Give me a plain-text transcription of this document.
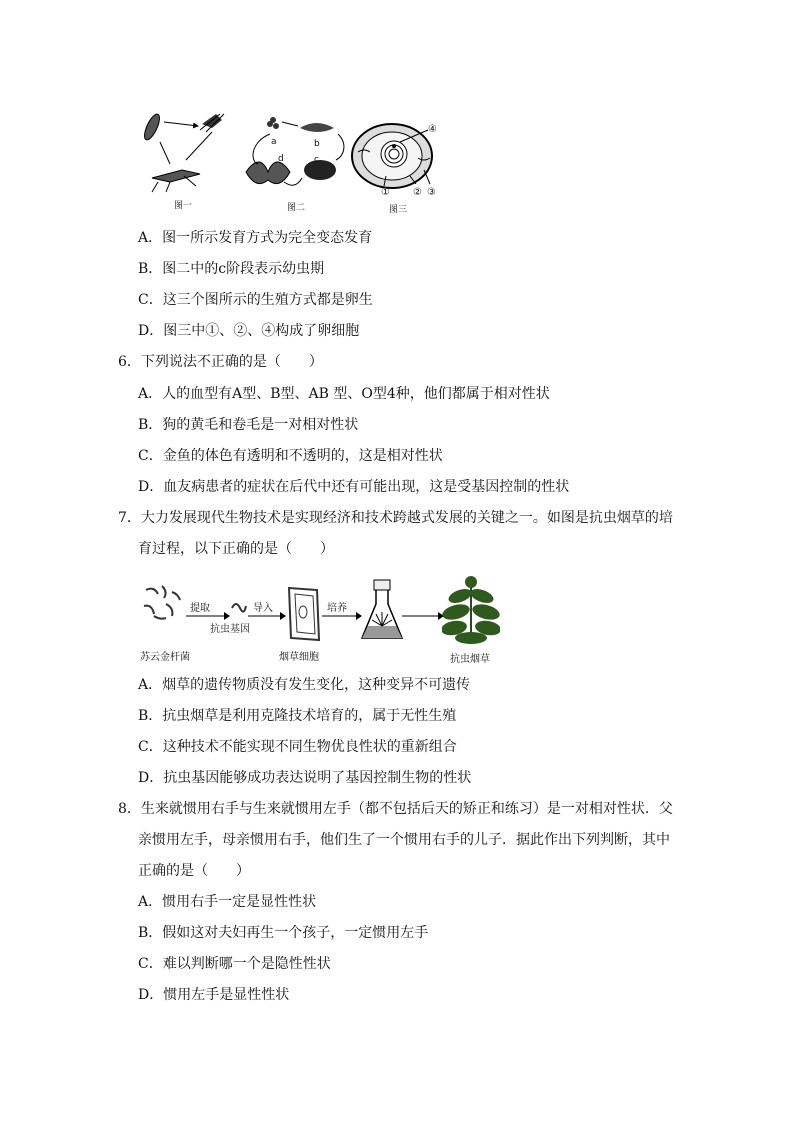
图一
a	b
c
d
图二
④
① ② ③
图三
A．图一所示发育方式为完全变态发育
B．图二中的c阶段表示幼虫期
C．这三个图所示的生殖方式都是卵生
D．图三中①、②、④构成了卵细胞
6．下列说法不正确的是（　　）
A．人的血型有A型、B型、AB 型、O型4种，他们都属于相对性状
B．狗的黄毛和卷毛是一对相对性状
C．金鱼的体色有透明和不透明的，这是相对性状
D．血友病患者的症状在后代中还有可能出现，这是受基因控制的性状
7．大力发展现代生物技术是实现经济和技术跨越式发展的关键之一。如图是抗虫烟草的培
育过程，以下正确的是（　　）
苏云金杆菌
提取
抗虫基因
导入
烟草细胞
培养
抗虫烟草
A．烟草的遗传物质没有发生变化，这种变异不可遗传
B．抗虫烟草是利用克隆技术培育的，属于无性生殖
C．这种技术不能实现不同生物优良性状的重新组合
D．抗虫基因能够成功表达说明了基因控制生物的性状
8．生来就惯用右手与生来就惯用左手（都不包括后天的矫正和练习）是一对相对性状．父
亲惯用左手，母亲惯用右手，他们生了一个惯用右手的儿子．据此作出下列判断，其中
正确的是（　　）
A．惯用右手一定是显性性状
B．假如这对夫妇再生一个孩子，一定惯用左手
C．难以判断哪一个是隐性性状
D．惯用左手是显性性状
